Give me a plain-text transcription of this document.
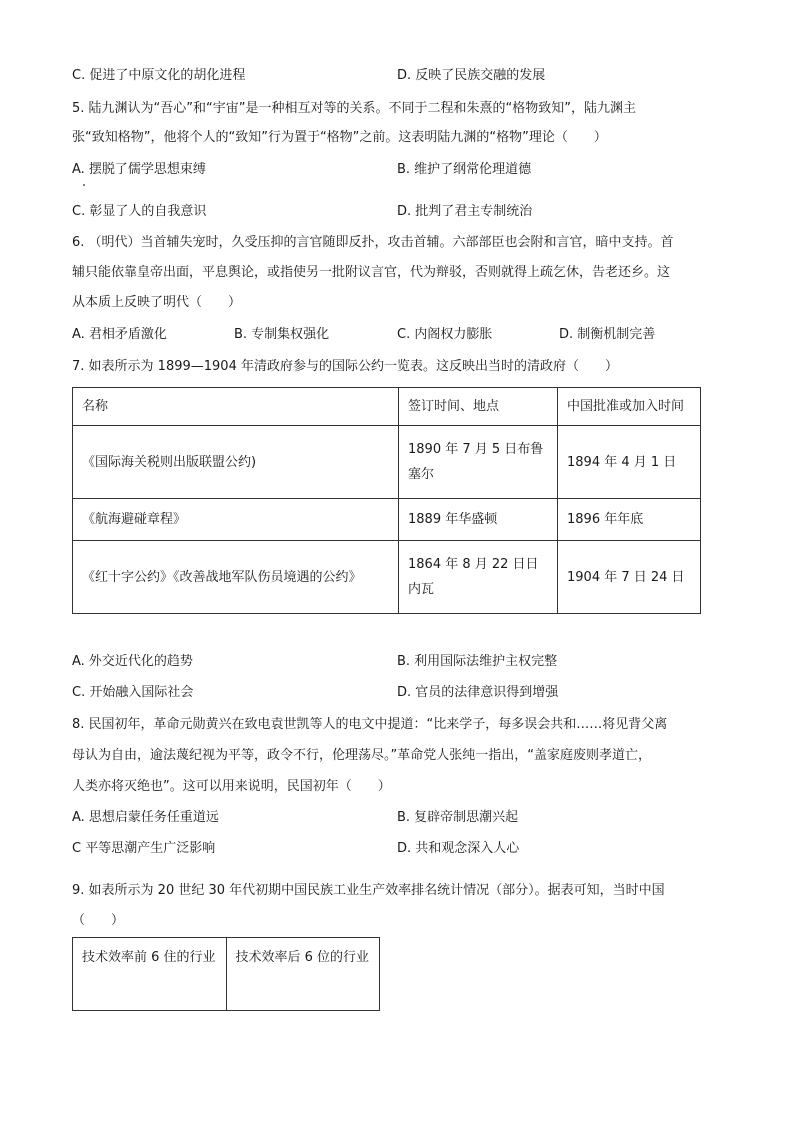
C. 促进了中原文化的胡化进程	D. 反映了民族交融的发展
5. 陆九渊认为“吾心”和“宇宙”是一种相互对等的关系。不同于二程和朱熹的“格物致知”，陆九渊主
张“致知格物”，他将个人的“致知”行为置于“格物”之前。这表明陆九渊的“格物”理论（　　）
A. 摆脱了儒学思想束缚	B. 维护了纲常伦理道德
C. 彰显了人的自我意识	D. 批判了君主专制统治
6. （明代）当首辅失宠时，久受压抑的言官随即反扑，攻击首辅。六部部臣也会附和言官，暗中支持。首
辅只能依靠皇帝出面，平息舆论，或指使另一批附议言官，代为辩驳，否则就得上疏乞休，告老还乡。这
从本质上反映了明代（　　）
A. 君相矛盾激化	B. 专制集权强化	C. 内阁权力膨胀	D. 制衡机制完善
7. 如表所示为 1899—1904 年清政府参与的国际公约一览表。这反映出当时的清政府（　　）
名称	签订时间、地点	中国批准或加入时间
《国际海关税则出版联盟公约)	1890 年 7 月 5 日布鲁塞尔	1894 年 4 月 1 日
《航海避碰章程》	1889 年华盛顿	1896 年年底
《红十字公约》《改善战地军队伤员境遇的公约》	1864 年 8 月 22 日日内瓦	1904 年 7 日 24 日
A. 外交近代化的趋势	B. 利用国际法维护主权完整
C. 开始融入国际社会	D. 官员的法律意识得到增强
8. 民国初年，革命元勋黄兴在致电袁世凯等人的电文中提道：“比来学子，每多误会共和……将见背父离
母认为自由，逾法蔑纪视为平等，政令不行，伦理荡尽。”革命党人张纯一指出，“盖家庭废则孝道亡，
人类亦将灭绝也”。这可以用来说明，民国初年（　　）
A. 思想启蒙任务任重道远	B. 复辟帝制思潮兴起
C 平等思潮产生广泛影响	D. 共和观念深入人心
9. 如表所示为 20 世纪 30 年代初期中国民族工业生产效率排名统计情况（部分）。据表可知，当时中国
（　　）
技术效率前 6 住的行业	技术效率后 6 位的行业
